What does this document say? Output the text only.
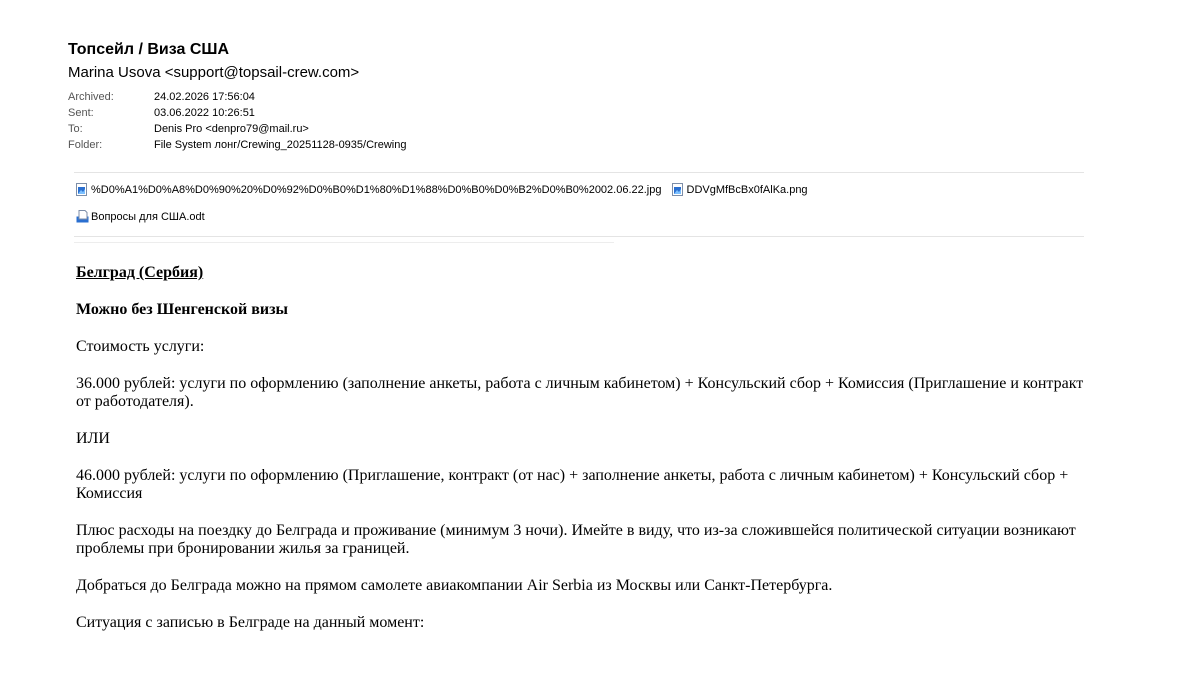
Топсейл / Виза США
Marina Usova <support@topsail-crew.com>
Archived:	24.02.2026 17:56:04
Sent:	03.06.2022 10:26:51
To:	Denis Pro <denpro79@mail.ru>
Folder:	File System лонг/Crewing_20251128-0935/Crewing
%D0%A1%D0%A8%D0%90%20%D0%92%D0%B0%D1%80%D1%88%D0%B0%D0%B2%D0%B0%2002.06.22.jpg DDVgMfBcBx0fAlKa.png
Вопросы для США.odt

Белград (Сербия)

Можно без Шенгенской визы

Стоимость услуги:

36.000 рублей: услуги по оформлению (заполнение анкеты, работа с личным кабинетом) + Консульский сбор + Комиссия (Приглашение и контракт от работодателя).

ИЛИ

46.000 рублей: услуги по оформлению (Приглашение, контракт (от нас) + заполнение анкеты, работа с личным кабинетом) + Консульский сбор + Комиссия

Плюс расходы на поездку до Белграда и проживание (минимум 3 ночи). Имейте в виду, что из-за сложившейся политической ситуации возникают проблемы при бронировании жилья за границей.

Добраться до Белграда можно на прямом самолете авиакомпании Air Serbia из Москвы или Санкт-Петербурга.

Ситуация с записью в Белграде на данный момент:
